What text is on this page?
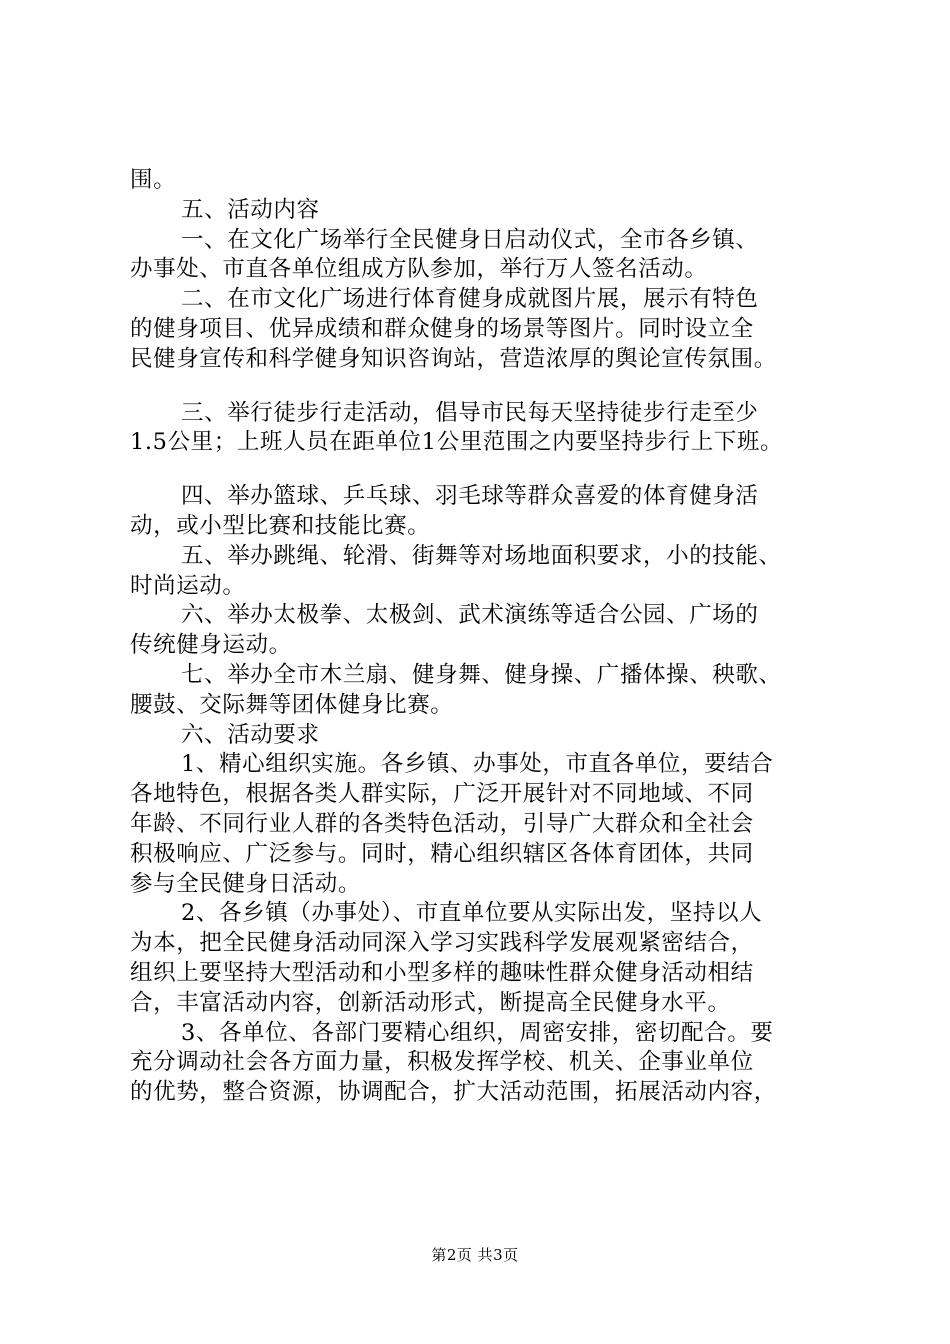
围。
五、活动内容
一、在文化广场举行全民健身日启动仪式，全市各乡镇、
办事处、市直各单位组成方队参加，举行万人签名活动。
二、在市文化广场进行体育健身成就图片展，展示有特色
的健身项目、优异成绩和群众健身的场景等图片。同时设立全
民健身宣传和科学健身知识咨询站，营造浓厚的舆论宣传氛围。
三、举行徒步行走活动，倡导市民每天坚持徒步行走至少
1.5公里；上班人员在距单位1公里范围之内要坚持步行上下班。
四、举办篮球、乒乓球、羽毛球等群众喜爱的体育健身活
动，或小型比赛和技能比赛。
五、举办跳绳、轮滑、街舞等对场地面积要求，小的技能、
时尚运动。
六、举办太极拳、太极剑、武术演练等适合公园、广场的
传统健身运动。
七、举办全市木兰扇、健身舞、健身操、广播体操、秧歌、
腰鼓、交际舞等团体健身比赛。
六、活动要求
1、精心组织实施。各乡镇、办事处，市直各单位，要结合
各地特色，根据各类人群实际，广泛开展针对不同地域、不同
年龄、不同行业人群的各类特色活动，引导广大群众和全社会
积极响应、广泛参与。同时，精心组织辖区各体育团体，共同
参与全民健身日活动。
2、各乡镇（办事处）、市直单位要从实际出发，坚持以人
为本，把全民健身活动同深入学习实践科学发展观紧密结合，
组织上要坚持大型活动和小型多样的趣味性群众健身活动相结
合，丰富活动内容，创新活动形式，断提高全民健身水平。
3、各单位、各部门要精心组织，周密安排，密切配合。要
充分调动社会各方面力量，积极发挥学校、机关、企事业单位
的优势，整合资源，协调配合，扩大活动范围，拓展活动内容，
第2页 共3页
